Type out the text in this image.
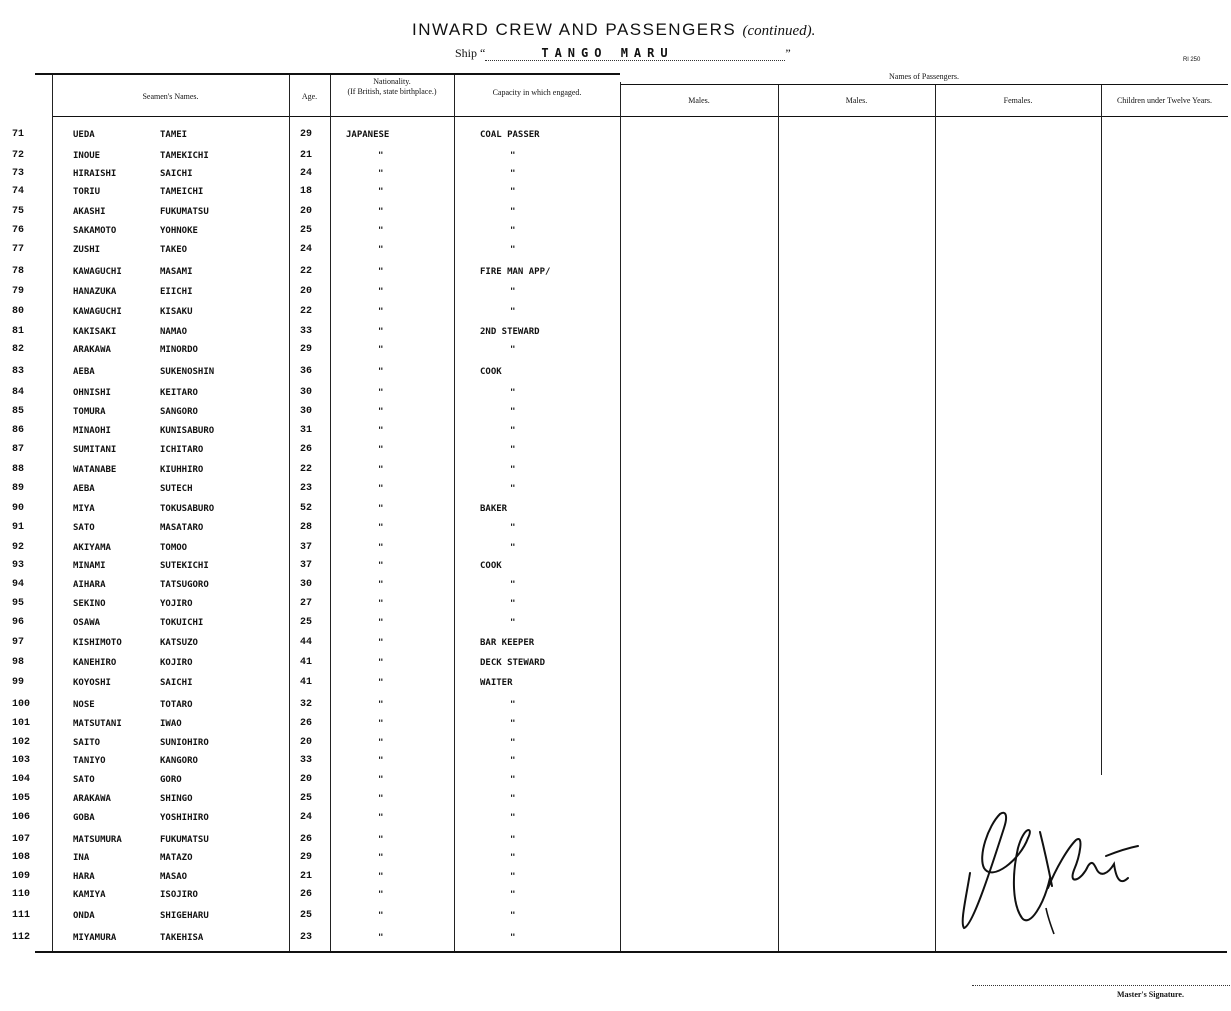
INWARD CREW AND PASSENGERS (continued).
Ship “	TANGO MARU	”	Rl 250
Seamen's Names.	Age.
Nationality.
(If British, state birthplace.)	Capacity in which engaged.
Names of Passengers.
Males.	Males.	Females.	Children under Twelve Years.
71	UEDA	TAMEI	29	JAPANESE	COAL PASSER
72	INOUE	TAMEKICHI	21	"	"
73	HIRAISHI	SAICHI	24	"	"
74	TORIU	TAMEICHI	18	"	"
75	AKASHI	FUKUMATSU	20	"	"
76	SAKAMOTO	YOHNOKE	25	"	"
77	ZUSHI	TAKEO	24	"	"
78	KAWAGUCHI	MASAMI	22	"	FIRE MAN APP/
79	HANAZUKA	EIICHI	20	"	"
80	KAWAGUCHI	KISAKU	22	"	"
81	KAKISAKI	NAMAO	33	"	2ND STEWARD
82	ARAKAWA	MINORDO	29	"	"
83	AEBA	SUKENOSHIN	36	"	COOK
84	OHNISHI	KEITARO	30	"	"
85	TOMURA	SANGORO	30	"	"
86	MINAOHI	KUNISABURO	31	"	"
87	SUMITANI	ICHITARO	26	"	"
88	WATANABE	KIUHHIRO	22	"	"
89	AEBA	SUTECH	23	"	"
90	MIYA	TOKUSABURO	52	"	BAKER
91	SATO	MASATARO	28	"	"
92	AKIYAMA	TOMOO	37	"	"
93	MINAMI	SUTEKICHI	37	"	COOK
94	AIHARA	TATSUGORO	30	"	"
95	SEKINO	YOJIRO	27	"	"
96	OSAWA	TOKUICHI	25	"	"
97	KISHIMOTO	KATSUZO	44	"	BAR KEEPER
98	KANEHIRO	KOJIRO	41	"	DECK STEWARD
99	KOYOSHI	SAICHI	41	"	WAITER
100	NOSE	TOTARO	32	"	"
101	MATSUTANI	IWAO	26	"	"
102	SAITO	SUNIOHIRO	20	"	"
103	TANIYO	KANGORO	33	"	"
104	SATO	GORO	20	"	"
105	ARAKAWA	SHINGO	25	"	"
106	GOBA	YOSHIHIRO	24	"	"
107	MATSUMURA	FUKUMATSU	26	"	"
108	INA	MATAZO	29	"	"
109	HARA	MASAO	21	"	"
110	KAMIYA	ISOJIRO	26	"	"
111	ONDA	SHIGEHARU	25	"	"
112	MIYAMURA	TAKEHISA	23	"	"
Master's Signature.
